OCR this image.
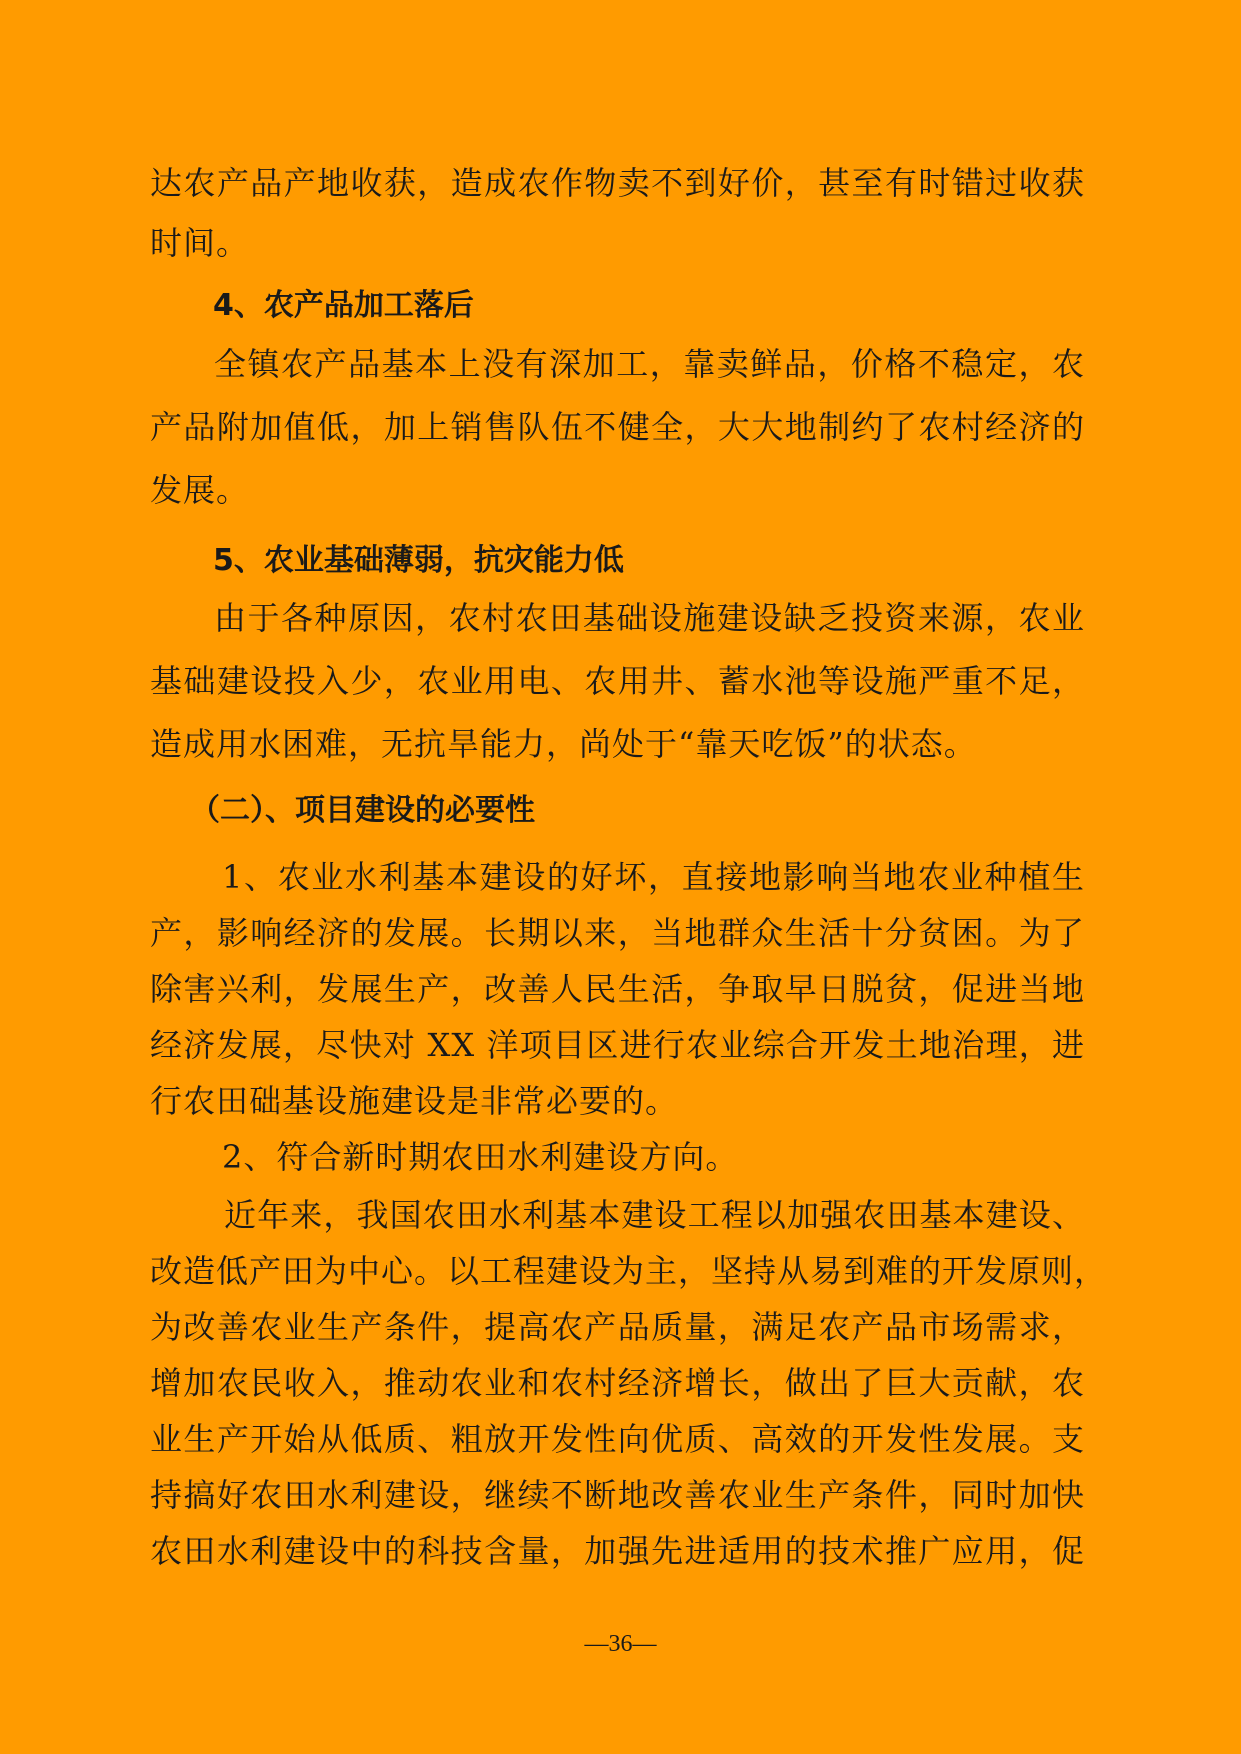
达农产品产地收获，造成农作物卖不到好价，甚至有时错过收获
时间。
4、农产品加工落后
全镇农产品基本上没有深加工，靠卖鲜品，价格不稳定，农
产品附加值低，加上销售队伍不健全，大大地制约了农村经济的
发展。
5、农业基础薄弱，抗灾能力低
由于各种原因，农村农田基础设施建设缺乏投资来源，农业
基础建设投入少，农业用电、农用井、蓄水池等设施严重不足，
造成用水困难，无抗旱能力，尚处于“靠天吃饭”的状态。
（二）、项目建设的必要性
1、农业水利基本建设的好坏，直接地影响当地农业种植生
产，影响经济的发展。长期以来，当地群众生活十分贫困。为了
除害兴利，发展生产，改善人民生活，争取早日脱贫，促进当地
经济发展，尽快对 XX 洋项目区进行农业综合开发土地治理，进
行农田础基设施建设是非常必要的。
2、符合新时期农田水利建设方向。
近年来，我国农田水利基本建设工程以加强农田基本建设、
改造低产田为中心。以工程建设为主，坚持从易到难的开发原则，
为改善农业生产条件，提高农产品质量，满足农产品市场需求，
增加农民收入，推动农业和农村经济增长，做出了巨大贡献，农
业生产开始从低质、粗放开发性向优质、高效的开发性发展。支
持搞好农田水利建设，继续不断地改善农业生产条件，同时加快
农田水利建设中的科技含量，加强先进适用的技术推广应用，促
—36—
